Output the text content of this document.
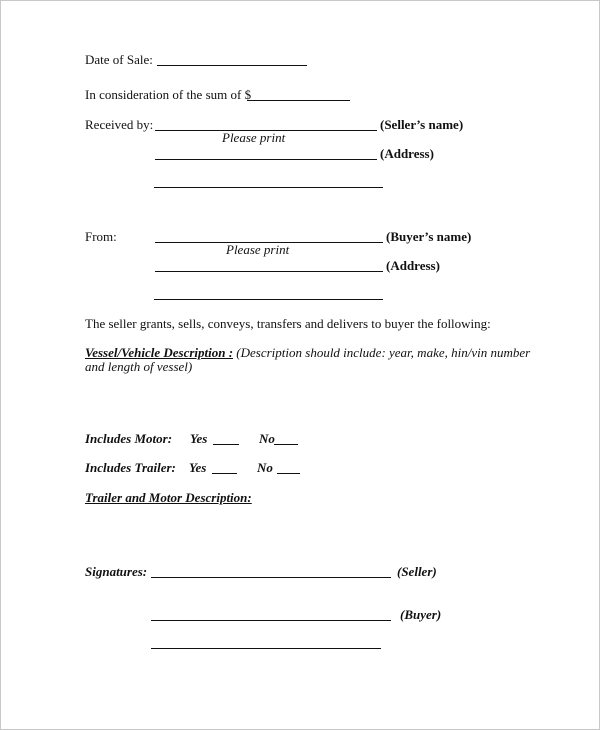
Date of Sale:
In consideration of the sum of $
Received by:	(Seller’s name)
Please print
(Address)
From:	(Buyer’s name)
Please print
(Address)
The seller grants, sells, conveys, transfers and delivers to buyer the following:
Vessel/Vehicle Description : (Description should include: year, make, hin/vin number
and length of vessel)
Includes Motor: Yes	No
Includes Trailer: Yes	No
Trailer and Motor Description:
Signatures:	(Seller)
(Buyer)
